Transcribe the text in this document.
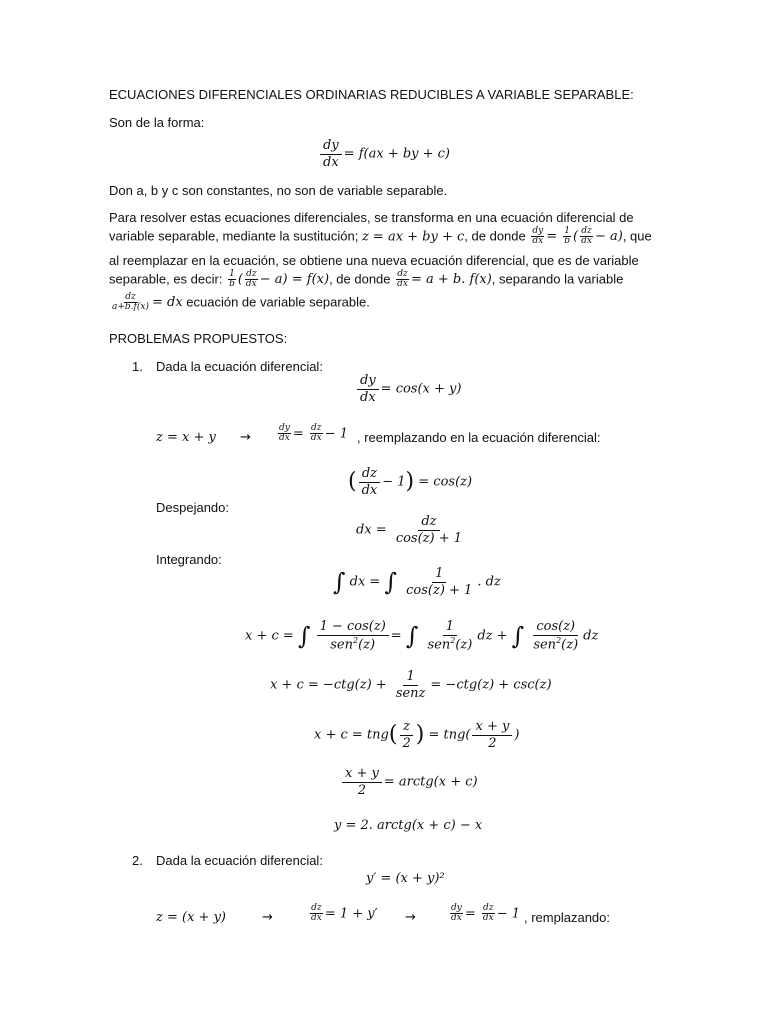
ECUACIONES DIFERENCIALES ORDINARIAS REDUCIBLES A VARIABLE SEPARABLE:
Son de la forma:
$\frac{dy}{dx} = f(ax$ + by + c)
Don a, b y c son constantes, no son de variable separable.
Para resolver estas ecuaciones diferenciales, se transforma en una ecuación diferencial de
variable separable, mediante la sustitución; z = ax + by + c, de donde $\frac{dy}{dx} = \frac{1}{b}$ ( $\frac{dz}{dx} - a$), que
al reemplazar en la ecuación, se obtiene una nueva ecuación diferencial, que es de variable
separable, es decir: $\frac{1}{b}$ ( $\frac{dz}{dx} - a) = f(x)$, de donde $\frac{dz}{dx} = a + b$. f(x), separando la variable
$\frac{dz}{a+b.f(x)}$ = dx ecuación de variable separable.
PROBLEMAS PROPUESTOS:
1. Dada la ecuación diferencial:
$\frac{dy}{dx} = \cos(x + y)$
z = x + y →	$\frac{dy}{dx} = \frac{dz}{dx} - 1$ , reemplazando en la ecuación diferencial:
( $\frac{dz}{dx} - 1) = \cos(z)$
Despejando:
dx = $\frac{dz}{\cos(z) + 1}$
Integrando:
∫ dx = ∫ $\frac{1}{\cos(z) + 1}$ . dz
x + c = ∫ $\frac{1 - \cos(z)}{sen^2(z)}$ = ∫ $\frac{1}{sen^2(z)}$ dz + ∫ $\frac{\cos(z)}{sen^2(z)}$ dz
$x + c = -ctg(z) + \frac{1}{\text{senz}} = -ctg(z) + \csc(z)$
$x + c = tng( \frac{z}{2}$ ) = $tng( \frac{x + y}{2}$ )
$\frac{x + y}{2}$ = arctg(x + c)
y = 2. arctg(x + c) − x
2. Dada la ecuación diferencial:
y′ = (x + y)²
z = (x + y)	→	$\frac{dz}{dx} = 1 + y'$ →	$\frac{dy}{dx} = \frac{dz}{dx} - 1$ , remplazando:
